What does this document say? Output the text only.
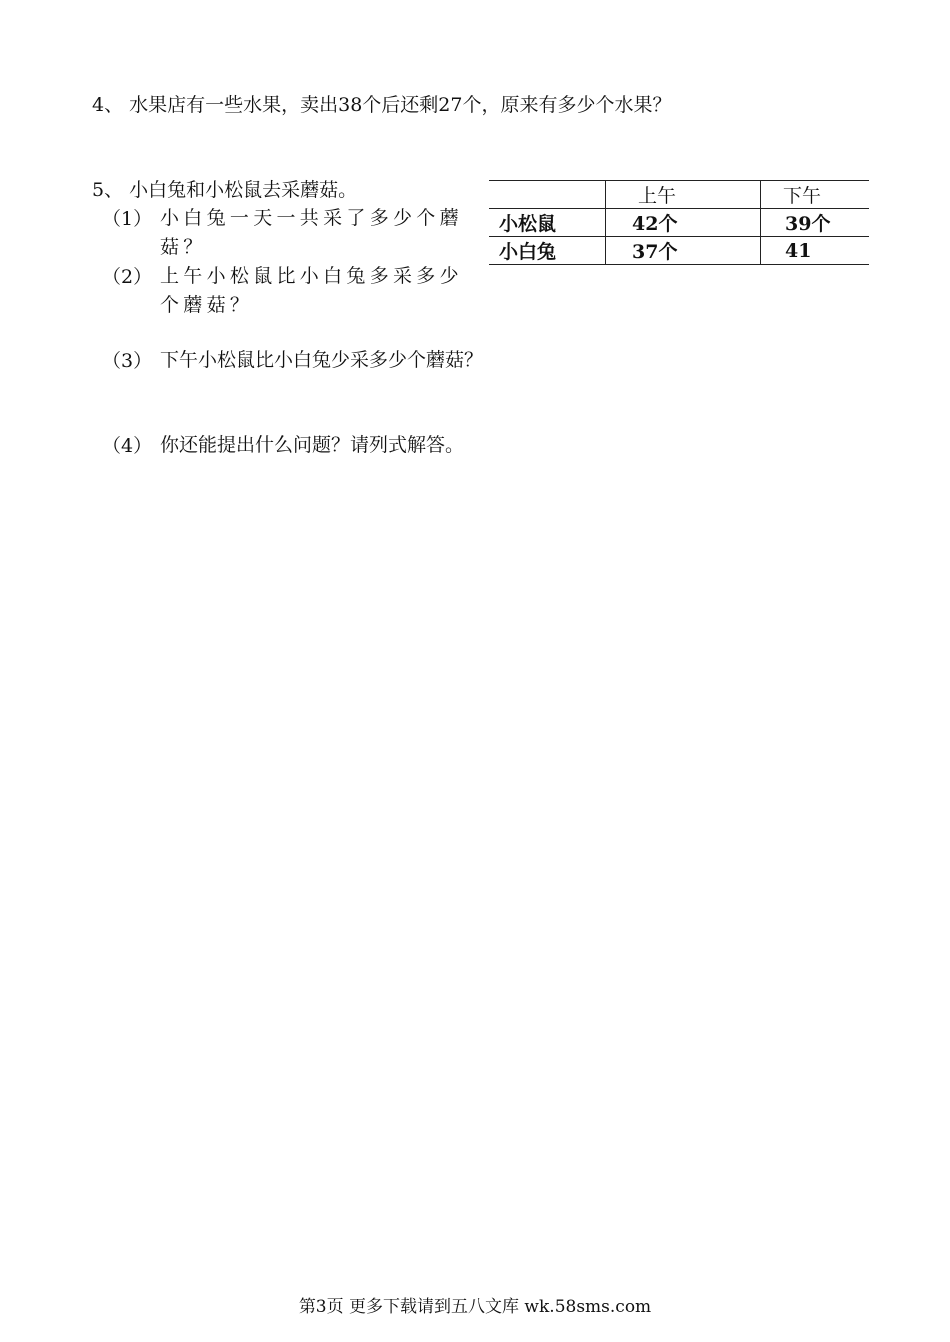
4、 水果店有一些水果，卖出38个后还剩27个，原来有多少个水果？
5、 小白兔和小松鼠去采蘑菇。
（1） 小白兔一天一共采了多少个蘑菇？
（2） 上午小松鼠比小白兔多采多少个蘑菇？
（3） 下午小松鼠比小白兔少采多少个蘑菇？
（4） 你还能提出什么问题？请列式解答。
	上午	下午
小松鼠	42个	39个
小白兔	37个	41
第3页 更多下载请到五八文库 wk.58sms.com
